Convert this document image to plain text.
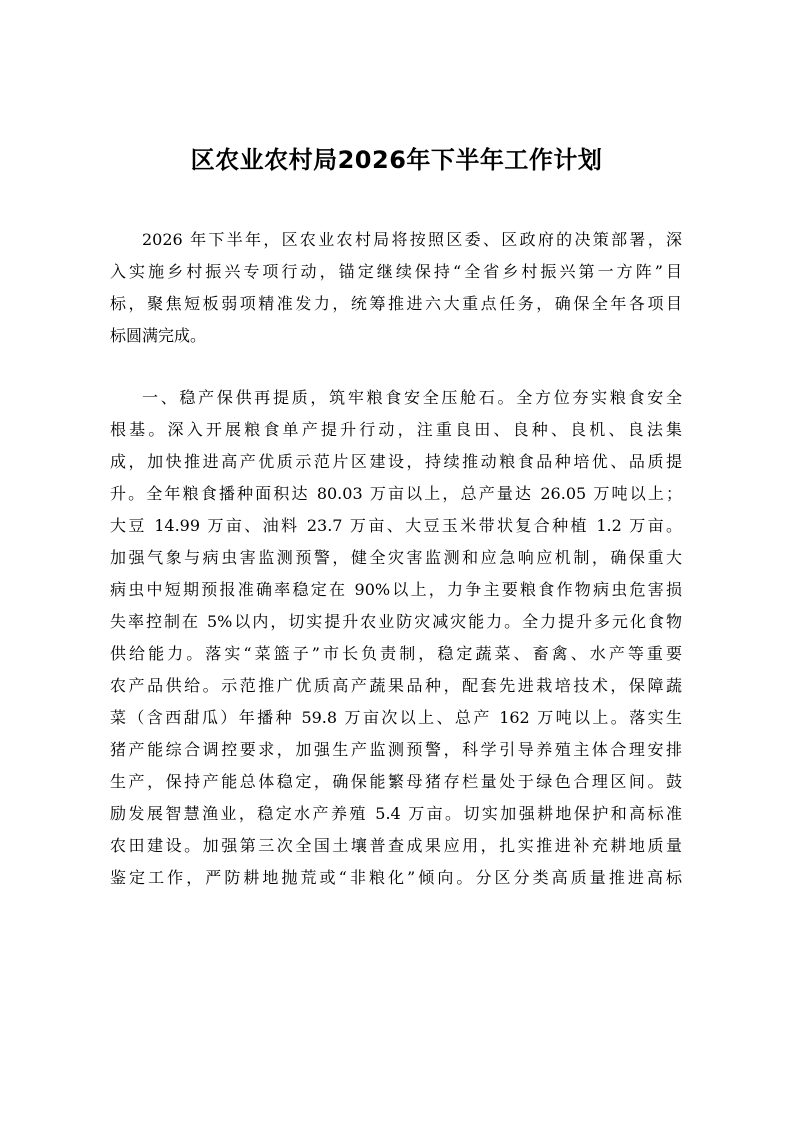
区农业农村局2026年下半年工作计划
2026 年下半年，区农业农村局将按照区委、区政府的决策部署，深
入实施乡村振兴专项行动，锚定继续保持“全省乡村振兴第一方阵”目
标，聚焦短板弱项精准发力，统筹推进六大重点任务，确保全年各项目
标圆满完成。
一、稳产保供再提质，筑牢粮食安全压舱石。全方位夯实粮食安全
根基。深入开展粮食单产提升行动，注重良田、良种、良机、良法集
成，加快推进高产优质示范片区建设，持续推动粮食品种培优、品质提
升。全年粮食播种面积达 80.03 万亩以上，总产量达 26.05 万吨以上；
大豆 14.99 万亩、油料 23.7 万亩、大豆玉米带状复合种植 1.2 万亩。
加强气象与病虫害监测预警，健全灾害监测和应急响应机制，确保重大
病虫中短期预报准确率稳定在 90%以上，力争主要粮食作物病虫危害损
失率控制在 5%以内，切实提升农业防灾减灾能力。全力提升多元化食物
供给能力。落实“菜篮子”市长负责制，稳定蔬菜、畜禽、水产等重要
农产品供给。示范推广优质高产蔬果品种，配套先进栽培技术，保障蔬
菜（含西甜瓜）年播种 59.8 万亩次以上、总产 162 万吨以上。落实生
猪产能综合调控要求，加强生产监测预警，科学引导养殖主体合理安排
生产，保持产能总体稳定，确保能繁母猪存栏量处于绿色合理区间。鼓
励发展智慧渔业，稳定水产养殖 5.4 万亩。切实加强耕地保护和高标准
农田建设。加强第三次全国土壤普查成果应用，扎实推进补充耕地质量
鉴定工作，严防耕地抛荒或“非粮化”倾向。分区分类高质量推进高标
